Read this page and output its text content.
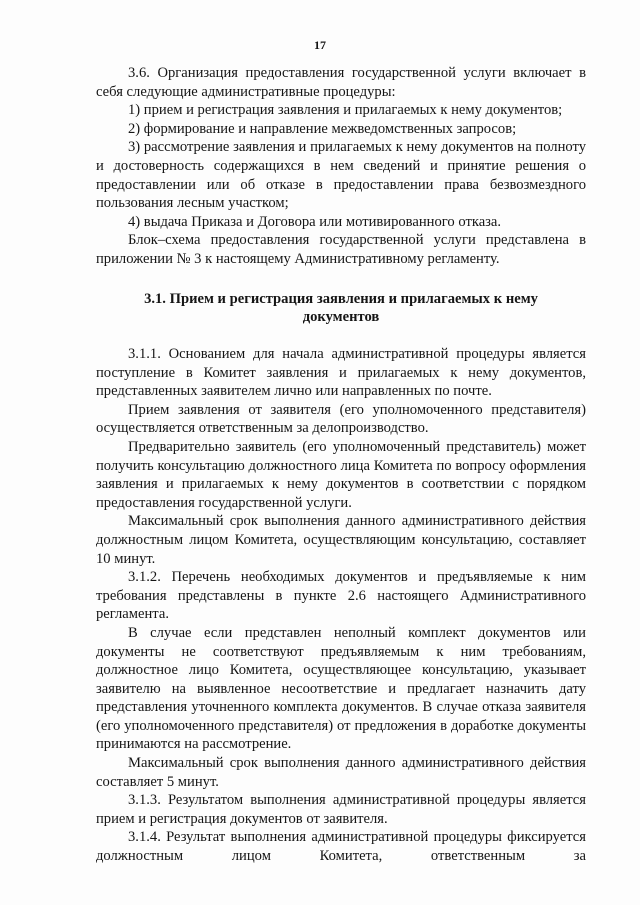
17

3.6. Организация предоставления государственной услуги включает в себя следующие административные процедуры:

1) прием и регистрация заявления и прилагаемых к нему документов;

2) формирование и направление межведомственных запросов;

3) рассмотрение заявления и прилагаемых к нему документов на полноту и достоверность содержащихся в нем сведений и принятие решения о предоставлении или об отказе в предоставлении права безвозмездного пользования лесным участком;

4) выдача Приказа и Договора или мотивированного отказа.

Блок–схема предоставления государственной услуги представлена в приложении № 3 к настоящему Административному регламенту.

3.1. Прием и регистрация заявления и прилагаемых к нему

документов

3.1.1. Основанием для начала административной процедуры является поступление в Комитет заявления и прилагаемых к нему документов, представленных заявителем лично или направленных по почте.

Прием заявления от заявителя (его уполномоченного представителя) осуществляется ответственным за делопроизводство.

Предварительно заявитель (его уполномоченный представитель) может получить консультацию должностного лица Комитета по вопросу оформления заявления и прилагаемых к нему документов в соответствии с порядком предоставления государственной услуги.

Максимальный срок выполнения данного административного действия должностным лицом Комитета, осуществляющим консультацию, составляет 10 минут.

3.1.2. Перечень необходимых документов и предъявляемые к ним требования представлены в пункте 2.6 настоящего Административного регламента.

В случае если представлен неполный комплект документов или документы не соответствуют предъявляемым к ним требованиям, должностное лицо Комитета, осуществляющее консультацию, указывает заявителю на выявленное несоответствие и предлагает назначить дату представления уточненного комплекта документов. В случае отказа заявителя (его уполномоченного представителя) от предложения в доработке документы принимаются на рассмотрение.

Максимальный срок выполнения данного административного действия составляет 5 минут.

3.1.3. Результатом выполнения административной процедуры является прием и регистрация документов от заявителя.

3.1.4. Результат выполнения административной процедуры фиксируется должностным лицом Комитета, ответственным за
